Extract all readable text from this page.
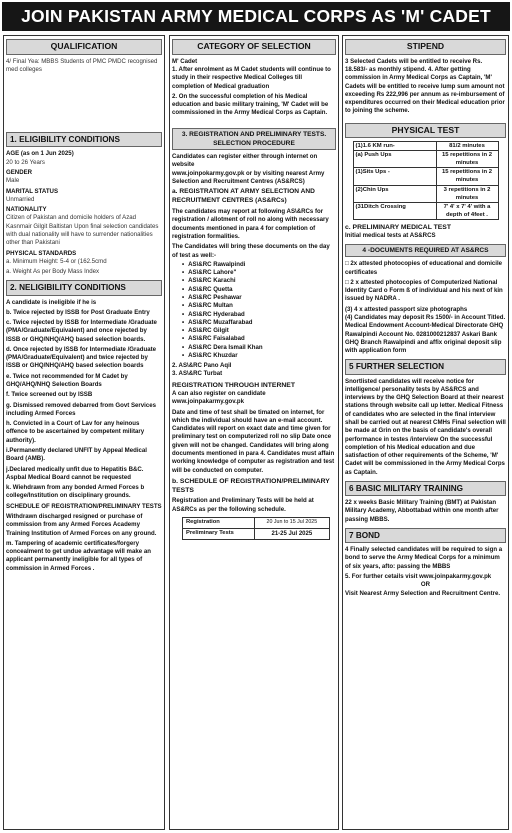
JOIN PAKISTAN ARMY MEDICAL CORPS AS 'M' CADET
QUALIFICATION
4/ Final Yea: MBBS Students of PMC PMDC recognised med colleges
1. ELIGIBILITY CONDITIONS
AGE (as on 1 Jun 2025)
20 to 26 Years
GENDER
Male
MARITAL STATUS
Unmarried
NATIONALITY
Citizen of Pakistan and domicile holders of Azad Kasnmair Gilgit Baltistan Upon final selection candidates with dual nationality will have to surrender nationalities other than Pakistani
PHYSICAL STANDARDS
a. Minimum Height: 5-4 or (162.5cmd
a. Weight As per Body Mass Index
2. NELIGIBILITY CONDITIONS
A candidate is ineligible if he is
b. Twice rejected by ISSB for Post Graduate Entry
c. Twice rejected by ISSB for Intermediate /Graduate (PMA/Graduate/Equivalent) and once rejected by ISSB or GHQ/NHQ/AHQ based selection boards.
d. Once rejected by ISSB for Intermediate /Graduate (PMA/Graduate/Equivalent) and twice rejected by ISSB or GHQ/NHQ/AHQ based selection boards
e. Twice not recommended for M Cadet by GHQ/AHQ/NHQ Selection Boards
f. Twice screened out by ISSB
g. Dismissed removed debarred from Govt Services including Armed Forces
h. Convicted in a Court of Lav for any heinous offence to be ascertained by competent military authority).
i.Permanently declared UNFIT by Appeal Medical Board (AMB).
j.Declared medically unfit due to Hepatitis B&C. Aspbal Medical Board cannot be requested
k. Wiehdrawn from any bonded Armed Forces b college/Institution on disciplinary grounds.
SCHEDULE OF REGISTRATION/PRELIMINARY TESTS
Withdrawn discharged resigned or purchase of commission from any Armed Forces Academy Training Institution of Armed Forces on any ground.
m. Tampering of academic certificates/forgery concealment to get undue advantage will make an applicant permanently ineligible for all types of commission in Armed Forces .
CATEGORY OF SELECTION
M' Cadet
1. After enrolment as M Cadet students will continue to study in their respective Medical Colleges till completion of Medical graduation
2. On the successful completion of his Medical education and basic military training, 'M' Cadet will be commissioned in the Army Medical Corps as Captain.
3. REGISTRATION AND PRELIMINARY TESTS. SELECTION PROCEDURE
Candidates can register either through internet on website
www.joinpokarmy.gov.pk or by visiting nearest Army Selection and Recruitment Centres (AS&RCS)
a. REGISTRATION AT ARMY SELECTION AND RECRUITMENT CENTRES (AS&RCs)
The candidates may report at following AS\&RCs for registration / allotment of roll no along with necessary documents mentioned in para 4 for completion of registration formalities.
The Candidates will bring these documents on the day of test as well:-
• AS\&RC Rawalpindi
• AS\&RC Lahore"
• AS\&RC Karachi
• AS\&RC Quetta
• AS\&RC Peshawar
• AS\&RC Multan
• AS\&RC Hyderabad
• AS\&RC Muzaffarabad
• AS\&RC Gilgit
• AS\&RC Faisalabad
• AS\&RC Dera Ismail Khan
• AS\&RC Khuzdar
2. AS\&RC Pano Aqil
3. AS\&RC Turbat
REGISTRATION THROUGH INTERNET
A can also register on candidate www.joinpakarmy.gov.pk
Date and time of test shall be timated on internet, for which the individual should have an e-mail account. Candidates will report on exact date and time given for preliminary test on computerized roll no slip Date once given will not be changed. Candidates will bring along documents mentioned in para 4. Candidates must affain working knowledge of computer as registration and test will be conducted on computer.
b. SCHEDULE OF REGISTRATION/PRELIMINARY TESTS
Registration and Preliminary Tests will be held at AS&RCs as per the following schedule.
Registration	20 Jun to 15 Jul 2025
Preliminary Tests	21-25 Jul 2025
STIPEND
3 Selected Cadets will be entitled to receive Rs. 18.583/- as monthly stipend. 4. After getting commission in Army Medical Corps as Captain, 'M' Cadets will be entitled to receive lump sum amount not exceeding Rs 222,996 per annum as re-imbursement of expenditures occurred on their Medical education prior to joining the scheme.
PHYSICAL TEST
(1)1.6 KM run-	81/2 minutes
(a) Push Ups	15 repetitions in 2 minutes
(1)Sits Ups -	15 repetitions in 2 minutes
(2)Chin Ups	3 repetitions in 2 minutes
(31Ditch Crossing	7' 4' x 7' 4' with a depth of 4feet .
c. PRELIMINARY MEDICAL TEST
Initial medical tests at AS&RCS
4 -DOCUMENTS REQUIRED AT AS&RCS
□ 2x attested photocopies of educational and domicile certificates
□ 2 x attested photocopies of Computerized National Identity Card o Form ß of individual and his next of kin issued by NADRA .
(3) 4 x attested passport size photographs
(4) Candidates may deposit Rs 1500/- in Account Titled. Medical Endowment Account-Medical Directorate GHQ Rawalpindi Account No. 0281000212837 Askari Bank GHQ Branch Rawalpindi and affix original deposit slip with application form
5 FURTHER SELECTION
Snortlisted candidates will receive notice for intelligence/ personality tests by AS&RCS and interviews by the GHQ Selection Board at their nearest stations through website call up letter. Medical Fitness of candidates who are selected in the final interview shall be carried out at nearest CMHs Final selection will be made at Grin on the basis of candidate's overall performance in testes /interview On the successful completion of his Medical education and due satisfaction of other requirements of the Scheme, 'M' Cadet will be commissioned in the Army Medical Corps as Captain.
6 BASIC MILITARY TRAINING
22 x weeks Basic Military Training (BMT) at Pakistan Military Academy, Abbottabad within one month after passing MBBS.
7 BOND
4 Finally selected candidates will be required to sign a bond to serve the Army Medical Corps for a minimum of six years, afto: passing the MBBS
5. For further cetails visit www.joinpakarmy.gov.pk
OR
Visit Nearest Army Selection and Recruitment Centre.
